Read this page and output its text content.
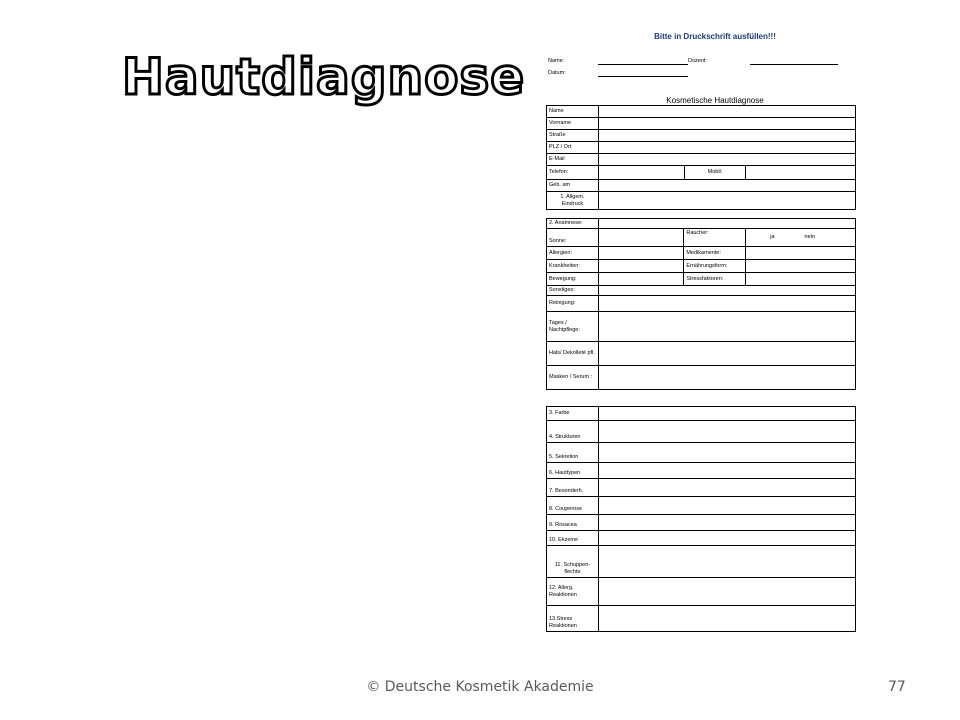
Hautdiagnose
Bitte in Druckschrift ausfüllen!!!
Name:	Dozent:
Datum:
Kosmetische Hautdiagnose
Name			
Vorname			
Straße			
PLZ / Ort			
E-Mail			
Telefon:		Mobil:	
Geb. am			
1. Allgem. Eindruck			
2. Anamnese:			
Sonne:		Raucher:	ja nein
Allergien:		Medikamente:	
Krankheiten:		Ernährungsform:	
Bewegung:		Stressfaktoren:	
Sonstiges:			
Reinigung:			
Tages / Nachtpflege:			
Hals/ Dekolleté pfl.			
Masken / Serum :			
3. Farbe	
4. Strukturen	
5. Sekretion	
6. Hauttypen	
7. Besonderh.	
8. Couperose	
9. Rosacea	
10. Ekzeme	
11. Schuppen-flechte	
12. Allerg. Reaktionen	
13.Stress Reaktionen	
© Deutsche Kosmetik Akademie	77
